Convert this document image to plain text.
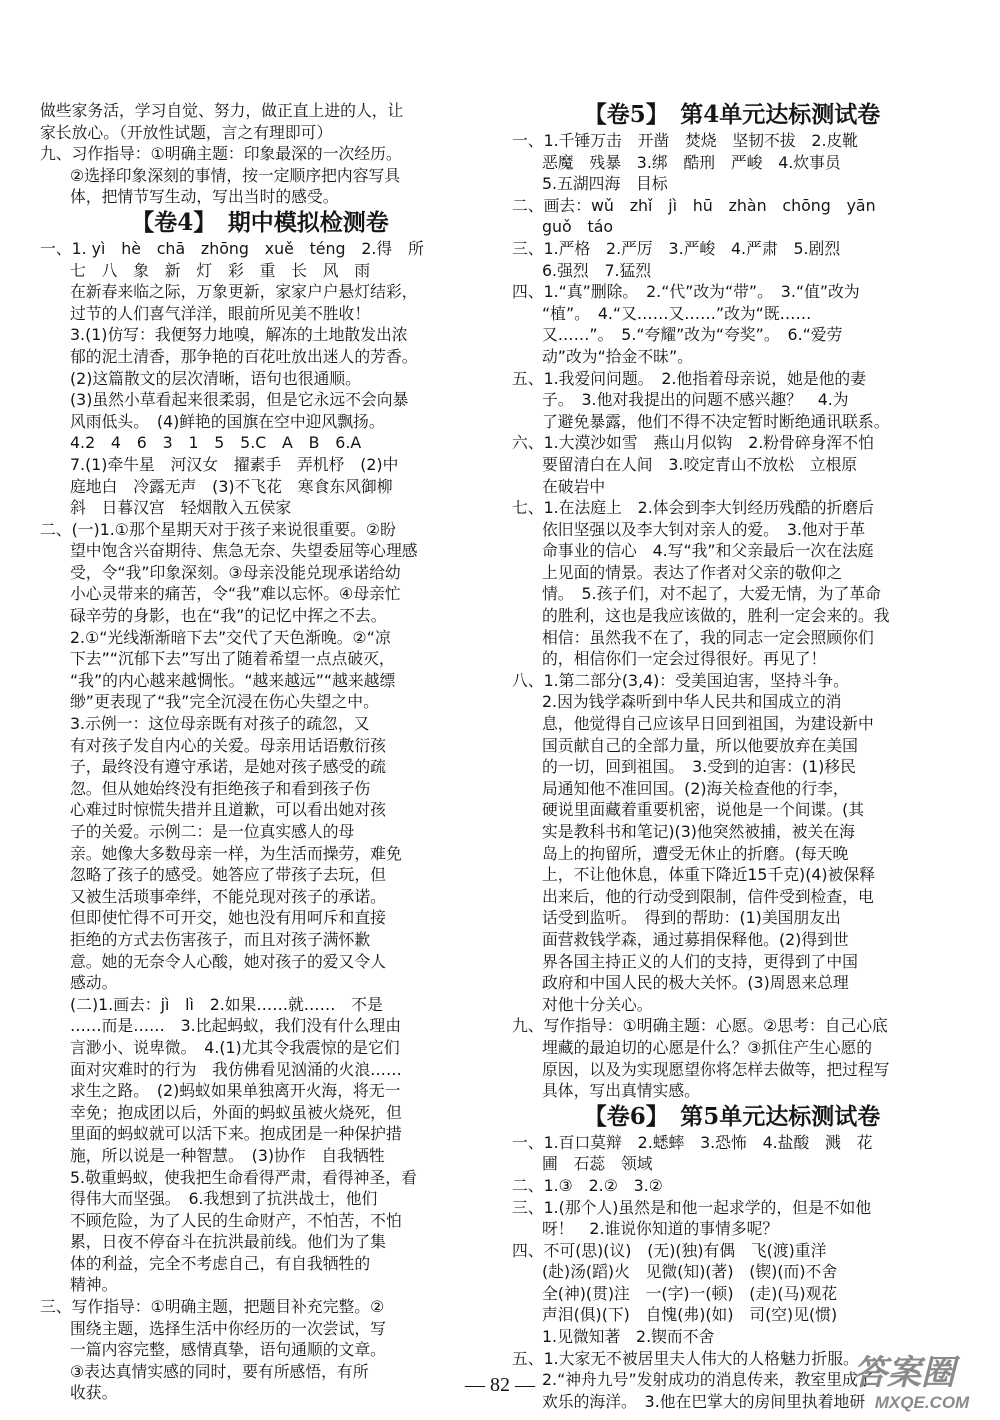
做些家务活，学习自觉、努力，做正直上进的人，让
家长放心。（开放性试题，言之有理即可）
九、习作指导：①明确主题：印象最深的一次经历。
②选择印象深刻的事情，按一定顺序把内容写具
体，把情节写生动，写出当时的感受。
【卷4】　期中模拟检测卷
一、1. yì　hè　chā　zhōng　xuě　téng　2.得　所
七　八　象　新　灯　彩　重　长　风　雨
在新春来临之际，万象更新，家家户户悬灯结彩，
过节的人们喜气洋洋，眼前所见美不胜收！
3.(1)仿写：我便努力地嗅，解冻的土地散发出浓
郁的泥土清香，那争艳的百花吐放出迷人的芳香。
(2)这篇散文的层次清晰，语句也很通顺。
(3)虽然小草看起来很柔弱，但是它永远不会向暴
风雨低头。　(4)鲜艳的国旗在空中迎风飘扬。
4.2　4　6　3　1　5　5.C　A　B　6.A
7.(1)牵牛星　河汉女　擢素手　弄机杼　(2)中
庭地白　冷露无声　(3)不飞花　寒食东风御柳
斜　日暮汉宫　轻烟散入五侯家
二、(一)1.①那个星期天对于孩子来说很重要。②盼
望中饱含兴奋期待、焦急无奈、失望委屈等心理感
受，令“我”印象深刻。③母亲没能兑现承诺给幼
小心灵带来的痛苦，令“我”难以忘怀。④母亲忙
碌辛劳的身影，也在“我”的记忆中挥之不去。
2.①“光线渐渐暗下去”交代了天色渐晚。②“凉
下去”“沉郁下去”写出了随着希望一点点破灭，
“我”的内心越来越惆怅。“越来越远”“越来越缥
缈”更表现了“我”完全沉浸在伤心失望之中。
3.示例一：这位母亲既有对孩子的疏忽，又
有对孩子发自内心的关爱。母亲用话语敷衍孩
子，最终没有遵守承诺，是她对孩子感受的疏
忽。但从她始终没有拒绝孩子和看到孩子伤
心难过时惊慌失措并且道歉，可以看出她对孩
子的关爱。示例二：是一位真实感人的母
亲。她像大多数母亲一样，为生活而操劳，难免
忽略了孩子的感受。她答应了带孩子去玩，但
又被生活琐事牵绊，不能兑现对孩子的承诺。
但即使忙得不可开交，她也没有用呵斥和直接
拒绝的方式去伤害孩子，而且对孩子满怀歉
意。她的无奈令人心酸，她对孩子的爱又令人
感动。
(二)1.画去：jì　lì　2.如果……就……　不是
……而是……　3.比起蚂蚁，我们没有什么理由
言渺小、说卑微。　4.(1)尤其令我震惊的是它们
面对灾难时的行为　我仿佛看见汹涌的火浪……
求生之路。　(2)蚂蚁如果单独离开火海，将无一
幸免；抱成团以后，外面的蚂蚁虽被火烧死，但
里面的蚂蚁就可以活下来。抱成团是一种保护措
施，所以说是一种智慧。　(3)协作　自我牺牲
5.敬重蚂蚁，使我把生命看得严肃，看得神圣，看
得伟大而坚强。　6.我想到了抗洪战士，他们
不顾危险，为了人民的生命财产，不怕苦，不怕
累，日夜不停奋斗在抗洪最前线。他们为了集
体的利益，完全不考虑自己，有自我牺牲的
精神。
三、写作指导：①明确主题，把题目补充完整。②
围绕主题，选择生活中你经历的一次尝试，写
一篇内容完整，感情真挚，语句通顺的文章。
③表达真情实感的同时，要有所感悟，有所
收获。
【卷5】　第4单元达标测试卷
一、1.千锤万击　开凿　焚烧　坚韧不拔　2.皮靴
恶魔　残暴　3.绑　酷刑　严峻　4.炊事员
5.五湖四海　目标
二、画去：wǔ　zhǐ　jì　hū　zhàn　chōng　yān
guǒ　táo
三、1.严格　2.严厉　3.严峻　4.严肃　5.剧烈
6.强烈　7.猛烈
四、1.“真”删除。　2.“代”改为“带”。　3.“值”改为
“植”。　4.“又……又……”改为“既……
又……”。　5.“夸耀”改为“夸奖”。　6.“爱劳
动”改为“拾金不昧”。
五、1.我爱问问题。　2.他指着母亲说，她是他的妻
子。　3.他对我提出的问题不感兴趣？　4.为
了避免暴露，他们不得不决定暂时断绝通讯联系。
六、1.大漠沙如雪　燕山月似钩　2.粉骨碎身浑不怕
要留清白在人间　3.咬定青山不放松　立根原
在破岩中
七、1.在法庭上　2.体会到李大钊经历残酷的折磨后
依旧坚强以及李大钊对亲人的爱。　3.他对于革
命事业的信心　4.写“我”和父亲最后一次在法庭
上见面的情景。表达了作者对父亲的敬仰之
情。　5.孩子们，对不起了，大爱无情，为了革命
的胜利，这也是我应该做的，胜利一定会来的。我
相信：虽然我不在了，我的同志一定会照顾你们
的，相信你们一定会过得很好。再见了！
八、1.第二部分(3,4)：受美国迫害，坚持斗争。
2.因为钱学森听到中华人民共和国成立的消
息，他觉得自己应该早日回到祖国，为建设新中
国贡献自己的全部力量，所以他要放弃在美国
的一切，回到祖国。　3.受到的迫害：(1)移民
局通知他不准回国。(2)海关检查他的行李，
硬说里面藏着重要机密，说他是一个间谍。(其
实是教科书和笔记)(3)他突然被捕，被关在海
岛上的拘留所，遭受无休止的折磨。(每天晚
上，不让他休息，体重下降近15千克)(4)被保释
出来后，他的行动受到限制，信件受到检查，电
话受到监听。　得到的帮助：(1)美国朋友出
面营救钱学森，通过募捐保释他。(2)得到世
界各国主持正义的人们的支持，更得到了中国
政府和中国人民的极大关怀。(3)周恩来总理
对他十分关心。
九、写作指导：①明确主题：心愿。②思考：自己心底
埋藏的最迫切的心愿是什么？③抓住产生心愿的
原因，以及为实现愿望你将怎样去做等，把过程写
具体，写出真情实感。
【卷6】　第5单元达标测试卷
一、1.百口莫辩　2.蟋蟀　3.恐怖　4.盐酸　溅　花
圃　石蕊　领域
二、1.③　2.②　3.②
三、1.(那个人)虽然是和他一起求学的，但是不如他
呀！　2.谁说你知道的事情多呢？
四、不可(思)(议)　(无)(独)有偶　飞(渡)重洋
(赴)汤(蹈)火　见微(知)(著)　(锲)(而)不舍
全(神)(贯)注　一(字)一(顿)　(走)(马)观花
声泪(俱)(下)　自愧(弗)(如)　司(空)见(惯)
1.见微知著　2.锲而不舍
五、1.大家无不被居里夫人伟大的人格魅力折服。
2.“神舟九号”发射成功的消息传来，教室里成了
欢乐的海洋。　3.他在巴掌大的房间里执着地研
— 82 —	答案圈
MXQE.COM
